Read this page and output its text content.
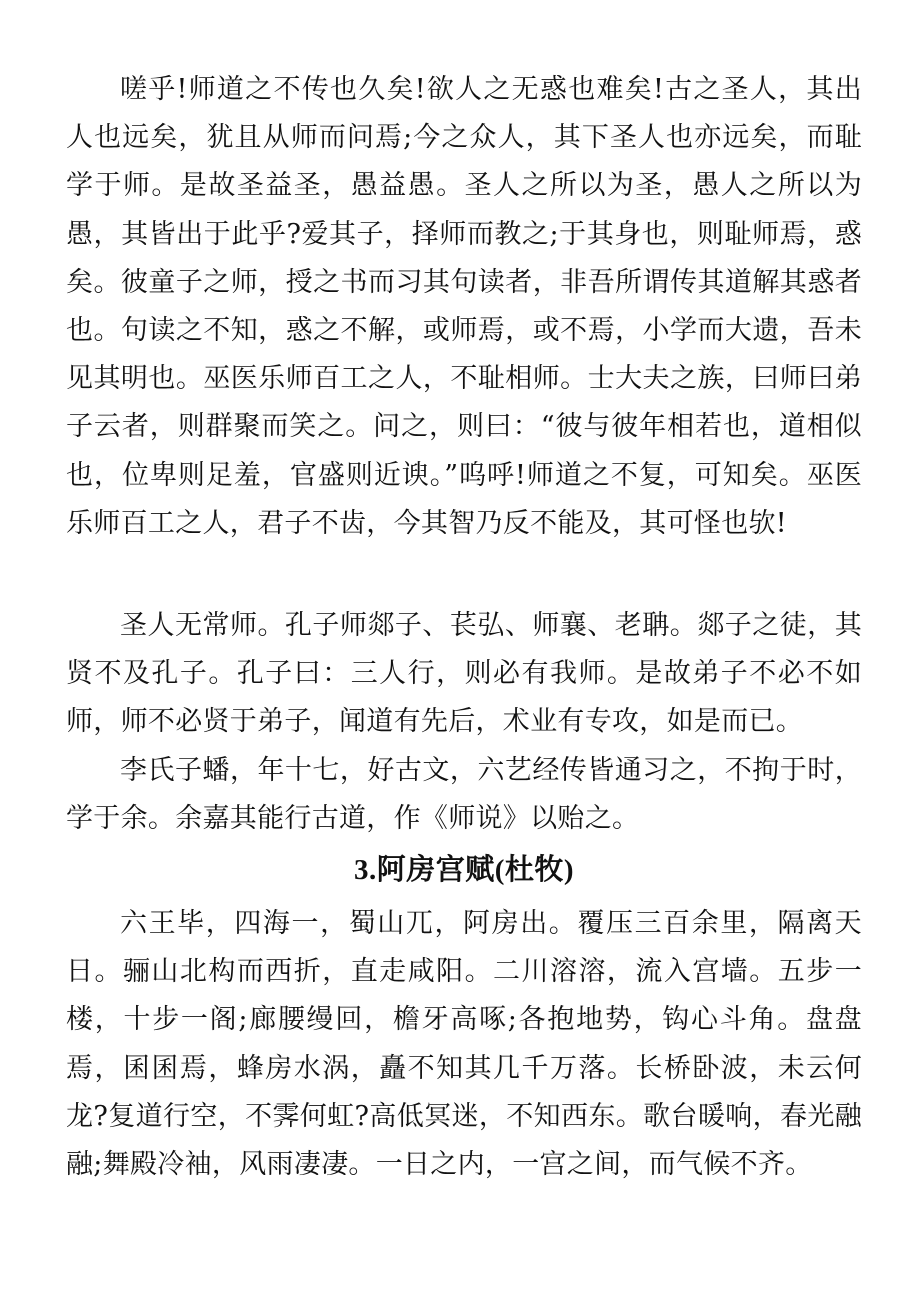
嗟乎!师道之不传也久矣!欲人之无惑也难矣!古之圣人，其出人也远矣，犹且从师而问焉;今之众人，其下圣人也亦远矣，而耻学于师。是故圣益圣，愚益愚。圣人之所以为圣，愚人之所以为愚，其皆出于此乎?爱其子，择师而教之;于其身也，则耻师焉，惑矣。彼童子之师，授之书而习其句读者，非吾所谓传其道解其惑者也。句读之不知，惑之不解，或师焉，或不焉，小学而大遗，吾未见其明也。巫医乐师百工之人，不耻相师。士大夫之族，曰师曰弟子云者，则群聚而笑之。问之，则曰：“彼与彼年相若也，道相似也，位卑则足羞，官盛则近谀。”呜呼!师道之不复，可知矣。巫医乐师百工之人，君子不齿，今其智乃反不能及，其可怪也欤!

圣人无常师。孔子师郯子、苌弘、师襄、老聃。郯子之徒，其贤不及孔子。孔子曰：三人行，则必有我师。是故弟子不必不如师，师不必贤于弟子，闻道有先后，术业有专攻，如是而已。

李氏子蟠，年十七，好古文，六艺经传皆通习之，不拘于时，学于余。余嘉其能行古道，作《师说》以贻之。

3.阿房宫赋(杜牧)

六王毕，四海一，蜀山兀，阿房出。覆压三百余里，隔离天日。骊山北构而西折，直走咸阳。二川溶溶，流入宫墙。五步一楼，十步一阁;廊腰缦回，檐牙高啄;各抱地势，钩心斗角。盘盘焉，囷囷焉，蜂房水涡，矗不知其几千万落。长桥卧波，未云何龙?复道行空，不霁何虹?高低冥迷，不知西东。歌台暖响，春光融融;舞殿冷袖，风雨凄凄。一日之内，一宫之间，而气候不齐。
